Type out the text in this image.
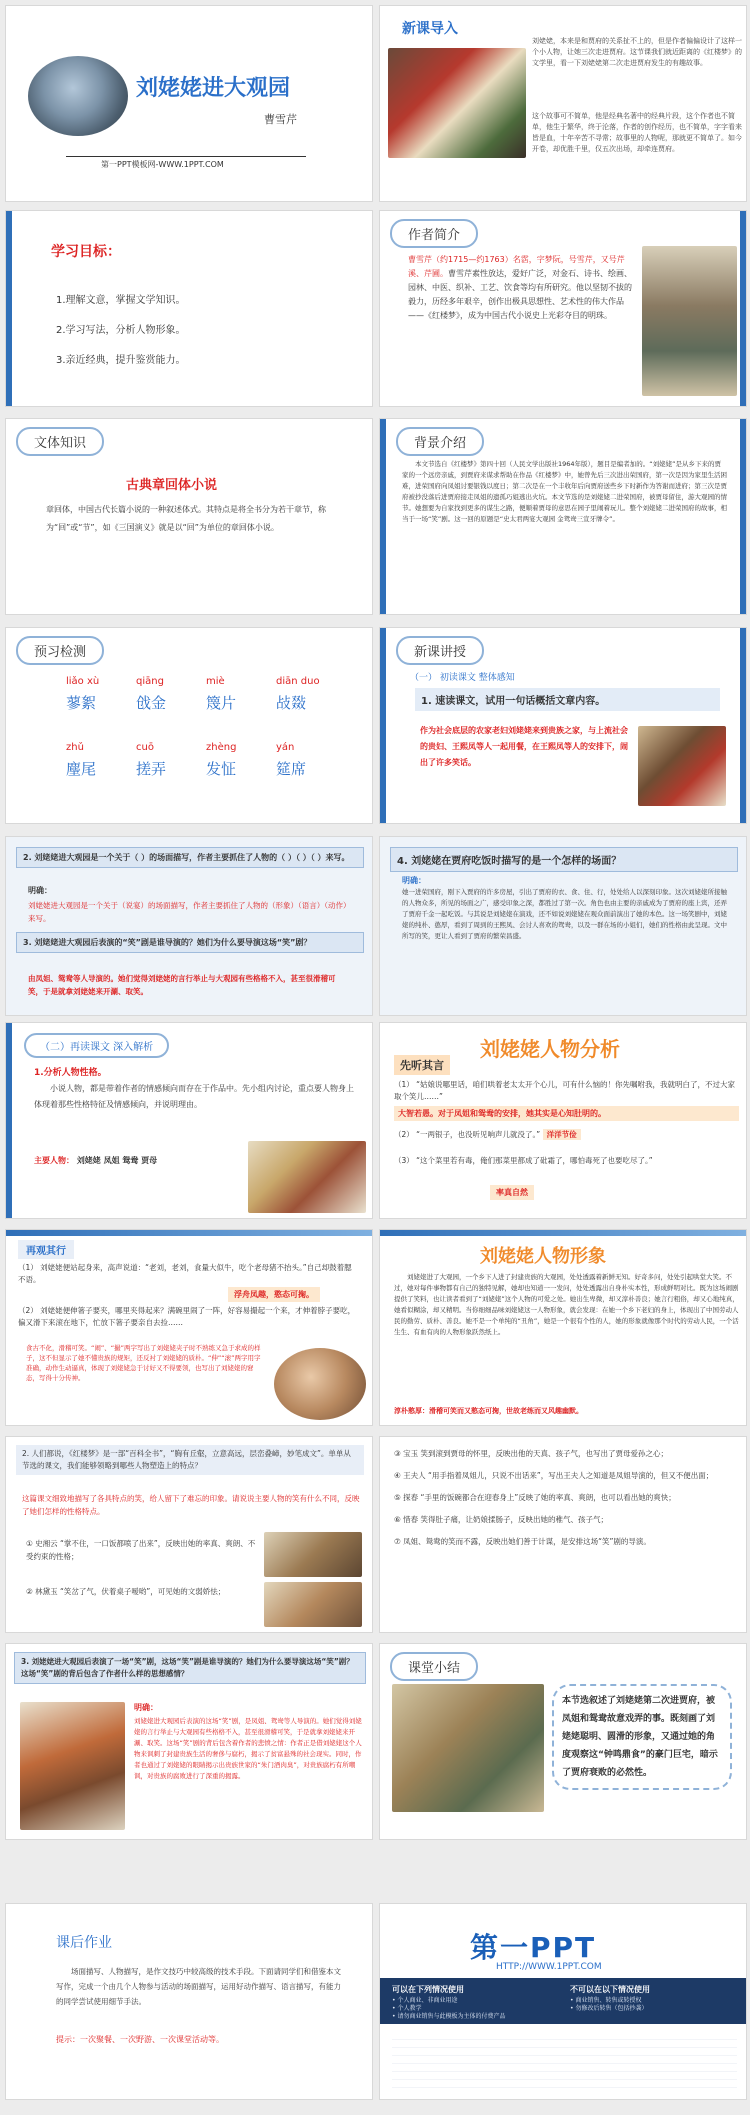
刘姥姥进大观园
曹雪芹
第一PPT模板网-WWW.1PPT.COM
新课导入
刘姥姥，本来是和贾府的关系扯不上的，但是作者偏偏设计了这样一个小人物，让她三次走进贾府。这节课我们就近距离的《红楼梦》的文学里，看一下刘姥姥第二次走进贾府发生的有趣故事。
这个故事可不简单，他是经典名著中的经典片段，这个作者也不简单，他生于繁华，终于沦落，作者的创作经历，也不简单，字字看来皆是血，十年辛苦不寻常；故事里的人物呢，那就更不简单了。如今开卷，却优胜千里，仅五次出场，却牵连贾府。
学习目标：
1.理解文意，掌握文学知识。
2.学习写法，分析人物形象。
3.亲近经典，提升鉴赏能力。
作者简介
曹雪芹（约1715—约1763）名霑，字梦阮，号雪芹，又号芹溪、芹圃。曹雪芹素性放达，爱好广泛，对金石、诗书、绘画、园林、中医、织补、工艺、饮食等均有所研究。他以坚韧不拔的毅力，历经多年艰辛，创作出极具思想性、艺术性的伟大作品——《红楼梦》，成为中国古代小说史上光彩夺目的明珠。
文体知识
古典章回体小说
章回体，中国古代长篇小说的一种叙述体式。其特点是将全书分为若干章节，称为“回”或“节”，如《三国演义》就是以“回”为单位的章回体小说。
背景介绍
本文节选自《红楼梦》第四十回（人民文学出版社1964年版），题目是编者加的。“刘姥姥”是从乡下来的贾家的一个远房亲戚，到贾府来谋求帮助在作品《红楼梦》中，她曾先后三次进出荣国府，第一次是因为家里生活困难，进荣国府向凤姐讨要银钱以度日；第二次是在一个丰收年后向贾府送些乡下时新作为答谢而进府；第三次是贾府被抄没落后进贾府接走凤姐的遗孤巧姐逃出火坑。本文节选的是刘姥姥二进荣国府，被贾母留住，游大观园的情节。她想要为自家找到更多的谋生之路，便顺着贾母的意思在园子里闹着玩儿。整个刘姥姥二进荣国府的故事，相当于一场“笑”剧。这一回的原题是“史太君两宴大观园 金鸳鸯三宣牙牌令”。
预习检测
liǎo xù
蓼絮
qiāng
戗金
miè
篾片
diān duo
敁敠
zhǔ
麈尾
cuō
搓弄
zhèng
发怔
yán
筵席
新课讲授
（一） 初读课文 整体感知
1. 速读课文，试用一句话概括文章内容。
作为社会底层的农家老妇刘姥姥来到贵族之家，与上流社会的贵妇、王熙凤等人一起用餐，在王熙凤等人的安排下，闹出了许多笑话。
2. 刘姥姥进大观园是一个关于（ ）的场面描写，作者主要抓住了人物的（ ）（ ）（ ）来写。
明确：
刘姥姥进大观园是一个关于（说宴）的场面描写，作者主要抓住了人物的（形象）（语言）（动作）来写。
3. 刘姥姥进大观园后表演的“笑”剧是谁导演的？她们为什么要导演这场“笑”剧？
由凤姐、鸳鸯等人导演的。她们觉得刘姥姥的言行举止与大观园有些格格不入，甚至很滑稽可笑，于是就拿刘姥姥来开涮、取笑。
4. 刘姥姥在贾府吃饭时描写的是一个怎样的场面？
明确：
她一进荣国府，刚下入贾府的许多房屋，引出了贾府的衣、食、住、行，处处给人以深刻印象。这次刘姥姥所接触的人物众多，所见的场面之广，感受印象之深，都胜过了第一次。角色也由主要的亲戚成为了贾府的座上宾，还弄了贾府千金一起吃饭。与其说是刘姥姥在演戏，还不如说刘姥姥在观众面前演出了她的本色。这一场笑剧中，刘姥姥的纯朴、憨厚，看到了周到的王熙凤、会讨人喜欢的鸳鸯，以及一群在场的小姐们，她们的性格由此呈现。文中所写的笑，更让人看到了贾府的繁荣昌盛。
（二）再读课文 深入解析
1.分析人物性格。
小说人物，都是带着作者的情感倾向而存在于作品中。先小组内讨论，重点要人物身上体现着那些性格特征及情感倾向，并说明理由。
主要人物： 刘姥姥 凤姐 鸳鸯 贾母
刘姥姥人物分析
先听其言
（1） “姑娘说哪里话，咱们哄着老太太开个心儿，可有什么恼的！你先嘱咐我，我就明白了，不过大家取个笑儿……”
大智若愚。对于凤姐和鸳鸯的安排，她其实是心知肚明的。
（2） “一两银子，也没听见响声儿就没了。” 洋洋节俭
（3） “这个菜里若有毒，俺们那菜里都成了砒霜了，哪怕毒死了也要吃尽了。”
率真自然
再观其行
（1） 刘姥姥便站起身来，高声说道：“老刘，老刘，食量大似牛，吃个老母猪不抬头。”自己却鼓着腮不语。
浮舟凤趣，憨态可掬。
（2） 刘姥姥便伸箸子要夹，哪里夹得起来？满碗里闹了一阵，好容易撮起一个来，才伸着脖子要吃，偏又滑下来滚在地下，忙放下箸子要亲自去捡……
食古不化，滑稽可笑。“闹”、“撮”两字写出了刘姥姥夹子时不熟练又急于求成的样子，这不但显示了她不懂贵族的规矩，还反衬了刘姥姥的质朴。“伸”“滚”两字用字准确，动作生动逼真，体现了刘姥姥急于讨好又不得要领，也写出了刘姥姥的窘态，写得十分传神。
刘姥姥人物形象
刘姥姥进了大观园，一个乡下人进了封建贵族的大观园，处处透露着新鲜无知。好奇多问，处处引起哄堂大笑。不过，她对每件事物都有自己的独特见解，她却也知道一一发问，处处透露出自身朴实本性，形成鲜明对比。既为这场闹剧提供了笑料，也让读者看到了“刘姥姥”这个人物的可爱之处。她出生卑微，却又淳朴善良；她言行粗俗，却又心地纯真，她看似糊涂，却又精明。当你细细品味刘姥姥这一人物形象，就会发现：在她一个乡下老妇的身上，体现出了中国劳动人民的勤劳、质朴、善良。她不是一个单纯的“丑角”，她是一个很有个性的人，她的形象就像那个时代的劳动人民，一个活生生、有血有肉的人物形象跃然纸上。
淳朴憨厚：滑稽可笑而又憨态可掬，世故老练而又风趣幽默。
2. 人们都说，《红楼梦》是一部“百科全书”，“胸有丘壑，立意高远，层峦叠嶂，妙笔成文”。单单从节选的课文，我们能够领略到哪些人物塑造上的特点？
这篇课文细致地描写了各具特点的笑，给人留下了难忘的印象。请说说主要人物的笑有什么不同，反映了她们怎样的性格特点。
① 史湘云 “掌不住，一口饭都喷了出来”，反映出她的率真、爽朗、不受约束的性格；
② 林黛玉 “笑岔了气，伏着桌子嗳哟”，可见她的文弱娇怯；
③ 宝玉 笑到滚到贾母的怀里，反映出他的天真、孩子气，也写出了贾母爱孙之心；
④ 王夫人 “用手指着凤姐儿，只说不出话来”，写出王夫人之知道是凤姐导演的，但又不便出面；
⑤ 探春 “手里的饭碗都合在迎春身上”反映了她的率真、爽朗，也可以看出她的爽快；
⑥ 惜春 笑得肚子痛，让奶娘揉肠子，反映出她的稚气、孩子气；
⑦ 凤姐、鸳鸯的笑而不露，反映出她们善于计谋，是安排这场“笑”剧的导演。
3. 刘姥姥进大观园后表演了一场“笑”剧，这场“笑”剧是谁导演的？她们为什么要导演这场“笑”剧？这场“笑”剧的背后包含了作者什么样的思想感情？
明确：
刘姥姥进大观园后表演的这场“笑”剧，是凤姐、鸳鸯等人导演的。她们觉得刘姥姥的言行举止与大观园有些格格不入，甚至很滑稽可笑，于是就拿刘姥姥来开涮、取笑。这场“笑”剧的背后包含着作者的悲愤之情：作者正是借刘姥姥这个人物来讽刺了封建贵族生活的奢侈与腐朽，揭示了贫富悬殊的社会现实。同时，作者也通过了刘姥姥的眼睛揭示出贵族世家的“朱门酒肉臭”，对贵族腐朽有所嘲讽，对贵族的腐败进行了深重的揭露。
课堂小结
本节选叙述了刘姥姥第二次进贾府，被凤姐和鸳鸯故意戏弄的事。既刻画了刘姥姥聪明、圆滑的形象，又通过她的角度观察这“钟鸣鼎食”的豪门巨宅，暗示了贾府衰败的必然性。
课后作业
场面描写、人物描写，是作文技巧中较高级的技术手段。下面请同学们和借鉴本文写作，完成一个由几个人物参与活动的场面描写，运用好动作描写、语言描写，有能力的同学尝试使用细节手法。
提示：一次聚餐、一次野游、一次课堂活动等。
第一PPT
HTTP://WWW.1PPT.COM
可以在下列情况使用	不可以在以下情况使用
• 个人商业、非商业用途
• 个人教学
• 请勿商业销售与此模板为主体的付费产品
• 商业销售、转售或转授权
• 勿修改后转售（包括抄袭）
